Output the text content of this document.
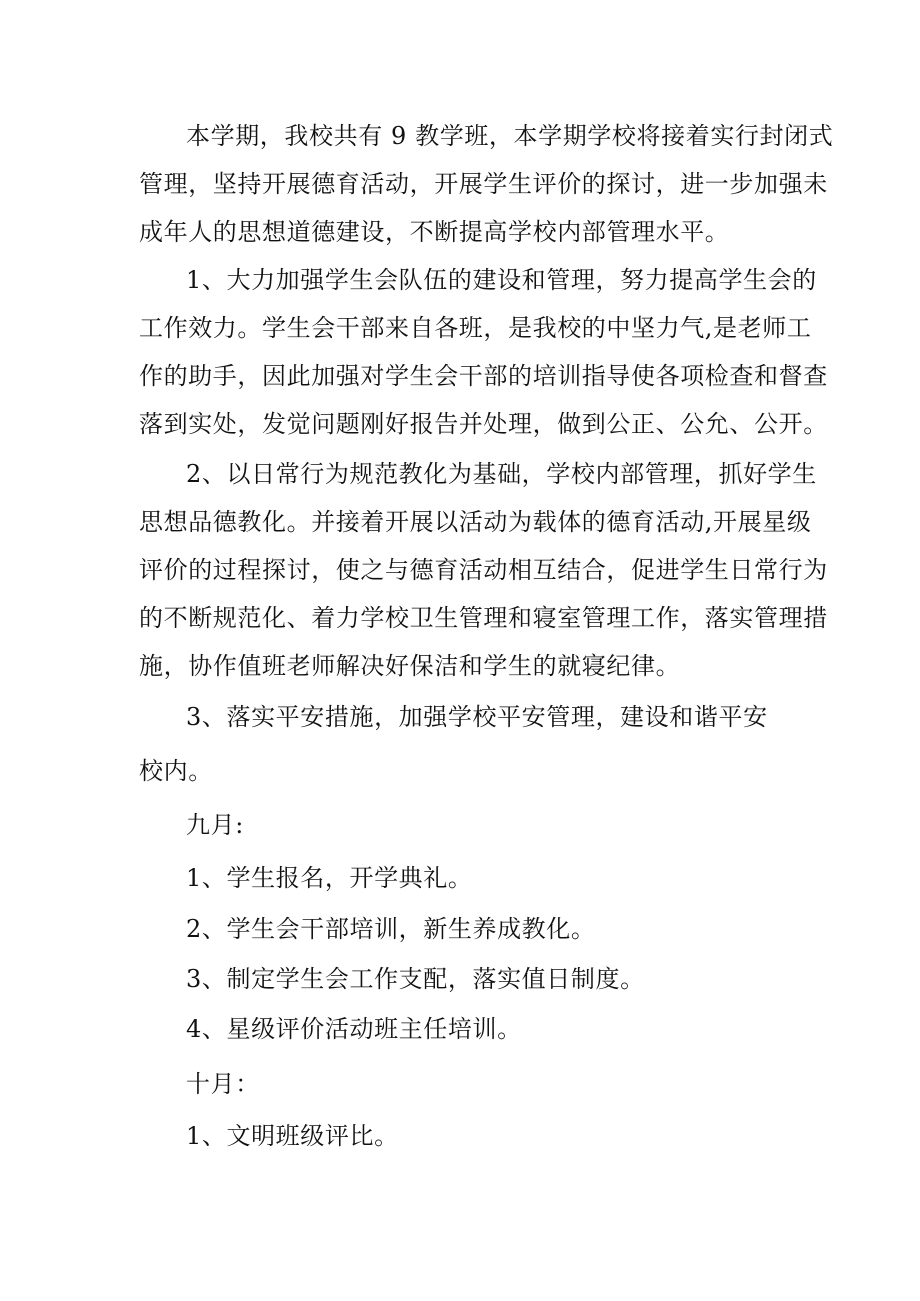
本学期，我校共有 9 教学班，本学期学校将接着实行封闭式
管理，坚持开展德育活动，开展学生评价的探讨，进一步加强未
成年人的思想道德建设，不断提高学校内部管理水平。
1、大力加强学生会队伍的建设和管理，努力提高学生会的
工作效力。学生会干部来自各班，是我校的中坚力气,是老师工
作的助手，因此加强对学生会干部的培训指导使各项检查和督查
落到实处，发觉问题刚好报告并处理，做到公正、公允、公开。
2、以日常行为规范教化为基础，学校内部管理，抓好学生
思想品德教化。并接着开展以活动为载体的德育活动,开展星级
评价的过程探讨，使之与德育活动相互结合，促进学生日常行为
的不断规范化、着力学校卫生管理和寝室管理工作，落实管理措
施，协作值班老师解决好保洁和学生的就寝纪律。
3、落实平安措施，加强学校平安管理，建设和谐平安
校内。
九月:
1、学生报名，开学典礼。
2、学生会干部培训，新生养成教化。
3、制定学生会工作支配，落实值日制度。
4、星级评价活动班主任培训。
十月：
1、文明班级评比。
